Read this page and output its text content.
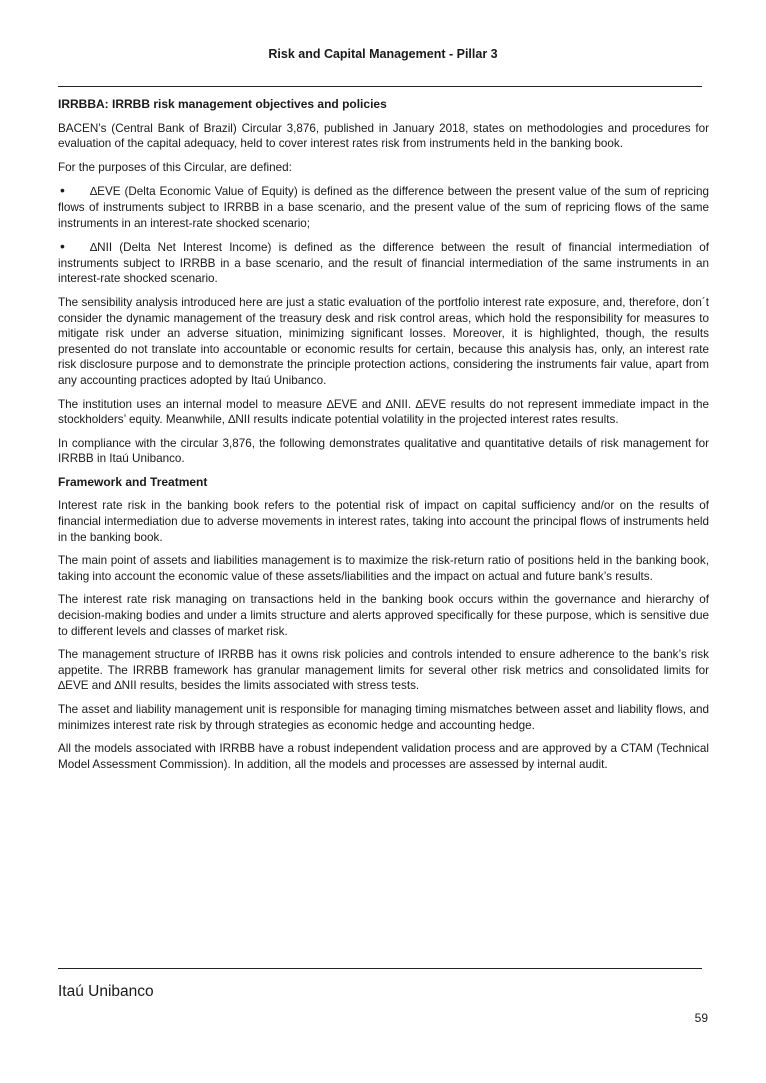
Risk and Capital Management - Pillar 3
IRRBBA: IRRBB risk management objectives and policies

BACEN’s (Central Bank of Brazil) Circular 3,876, published in January 2018, states on methodologies and procedures for evaluation of the capital adequacy, held to cover interest rates risk from instruments held in the banking book.

For the purposes of this Circular, are defined:

• ∆EVE (Delta Economic Value of Equity) is defined as the difference between the present value of the sum of repricing flows of instruments subject to IRRBB in a base scenario, and the present value of the sum of repricing flows of the same instruments in an interest-rate shocked scenario;
• ∆NII (Delta Net Interest Income) is defined as the difference between the result of financial intermediation of instruments subject to IRRBB in a base scenario, and the result of financial intermediation of the same instruments in an interest-rate shocked scenario.

The sensibility analysis introduced here are just a static evaluation of the portfolio interest rate exposure, and, therefore, don´t consider the dynamic management of the treasury desk and risk control areas, which hold the responsibility for measures to mitigate risk under an adverse situation, minimizing significant losses. Moreover, it is highlighted, though, the results presented do not translate into accountable or economic results for certain, because this analysis has, only, an interest rate risk disclosure purpose and to demonstrate the principle protection actions, considering the instruments fair value, apart from any accounting practices adopted by Itaú Unibanco.

The institution uses an internal model to measure ∆EVE and ∆NII. ∆EVE results do not represent immediate impact in the stockholders’ equity. Meanwhile, ∆NII results indicate potential volatility in the projected interest rates results.

In compliance with the circular 3,876, the following demonstrates qualitative and quantitative details of risk management for IRRBB in Itaú Unibanco.

Framework and Treatment

Interest rate risk in the banking book refers to the potential risk of impact on capital sufficiency and/or on the results of financial intermediation due to adverse movements in interest rates, taking into account the principal flows of instruments held in the banking book.

The main point of assets and liabilities management is to maximize the risk-return ratio of positions held in the banking book, taking into account the economic value of these assets/liabilities and the impact on actual and future bank’s results.

The interest rate risk managing on transactions held in the banking book occurs within the governance and hierarchy of decision-making bodies and under a limits structure and alerts approved specifically for these purpose, which is sensitive due to different levels and classes of market risk.

The management structure of IRRBB has it owns risk policies and controls intended to ensure adherence to the bank’s risk appetite. The IRRBB framework has granular management limits for several other risk metrics and consolidated limits for ∆EVE and ∆NII results, besides the limits associated with stress tests.

The asset and liability management unit is responsible for managing timing mismatches between asset and liability flows, and minimizes interest rate risk by through strategies as economic hedge and accounting hedge.

All the models associated with IRRBB have a robust independent validation process and are approved by a CTAM (Technical Model Assessment Commission). In addition, all the models and processes are assessed by internal audit.

Itaú Unibanco
59
